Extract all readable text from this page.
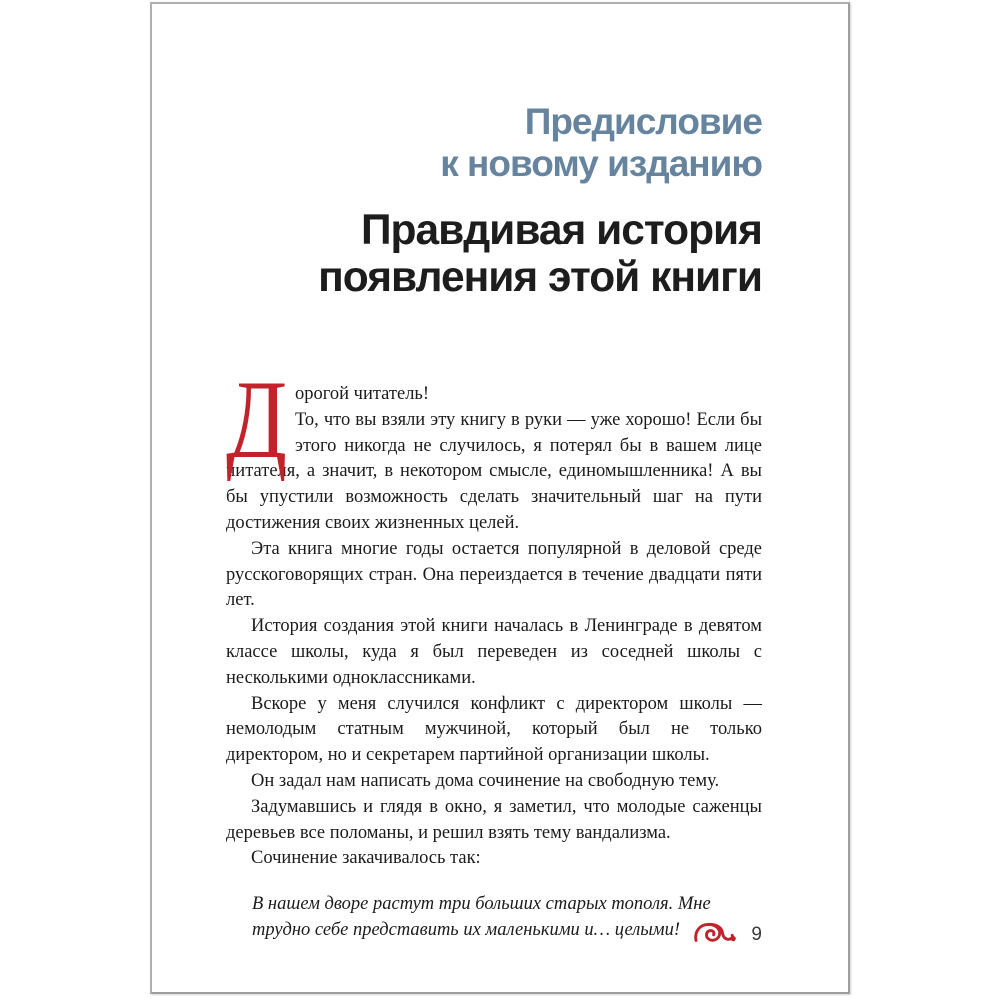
Предисловие
к новому изданию
Правдивая история
появления этой книги
Д орогой читатель!

То, что вы взяли эту книгу в руки — уже хорошо! Если бы этого никогда не случилось, я потерял бы в вашем лице читателя, а значит, в некотором смысле, единомышленника! А вы бы упустили возможность сделать значительный шаг на пути достижения своих жизненных целей.

Эта книга многие годы остается популярной в деловой среде русскоговорящих стран. Она переиздается в течение двадцати пяти лет.

История создания этой книги началась в Ленинграде в девятом классе школы, куда я был переведен из соседней школы с несколькими одноклассниками.

Вскоре у меня случился конфликт с директором школы — немолодым статным мужчиной, который был не только директором, но и секретарем партийной организации школы.

Он задал нам написать дома сочинение на свободную тему.

Задумавшись и глядя в окно, я заметил, что молодые саженцы деревьев все поломаны, и решил взять тему вандализма.

Сочинение закачивалось так:

В нашем дворе растут три больших старых тополя. Мне трудно себе представить их маленькими и… целыми!	9
